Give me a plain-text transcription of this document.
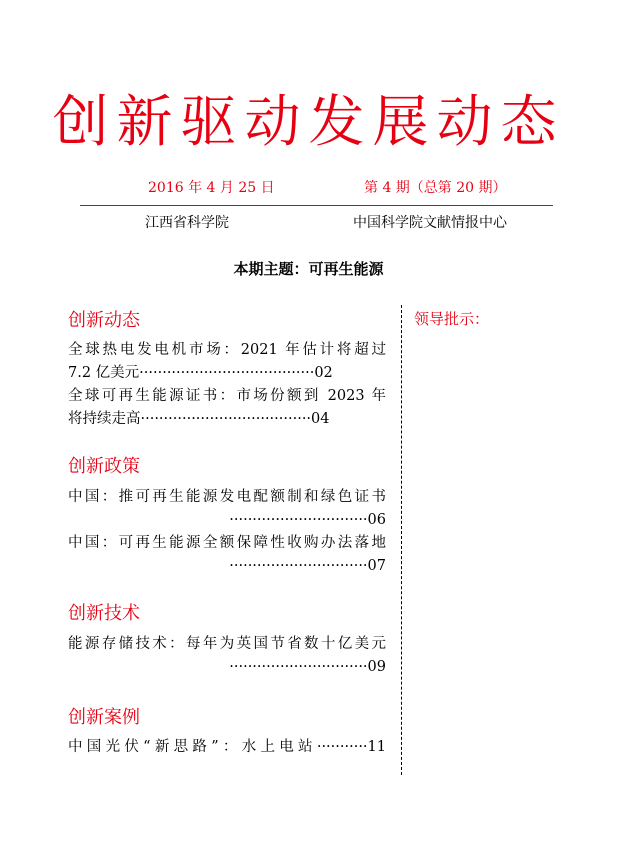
创新驱动发展动态
2016 年 4 月 25 日	第 4 期（总第 20 期）
江西省科学院	中国科学院文献情报中心
本期主题：可再生能源
领导批示：
创新动态
全球热电发电机市场：2021 年估计将超过
7.2 亿美元······································02
全球可再生能源证书：市场份额到 2023 年
将持续走高·····································04
创新政策
中国：推可再生能源发电配额制和绿色证书
······························06
中国：可再生能源全额保障性收购办法落地
······························07
创新技术
能源存储技术：每年为英国节省数十亿美元
······························09
创新案例
中国光伏“新思路”：水上电站···········11
